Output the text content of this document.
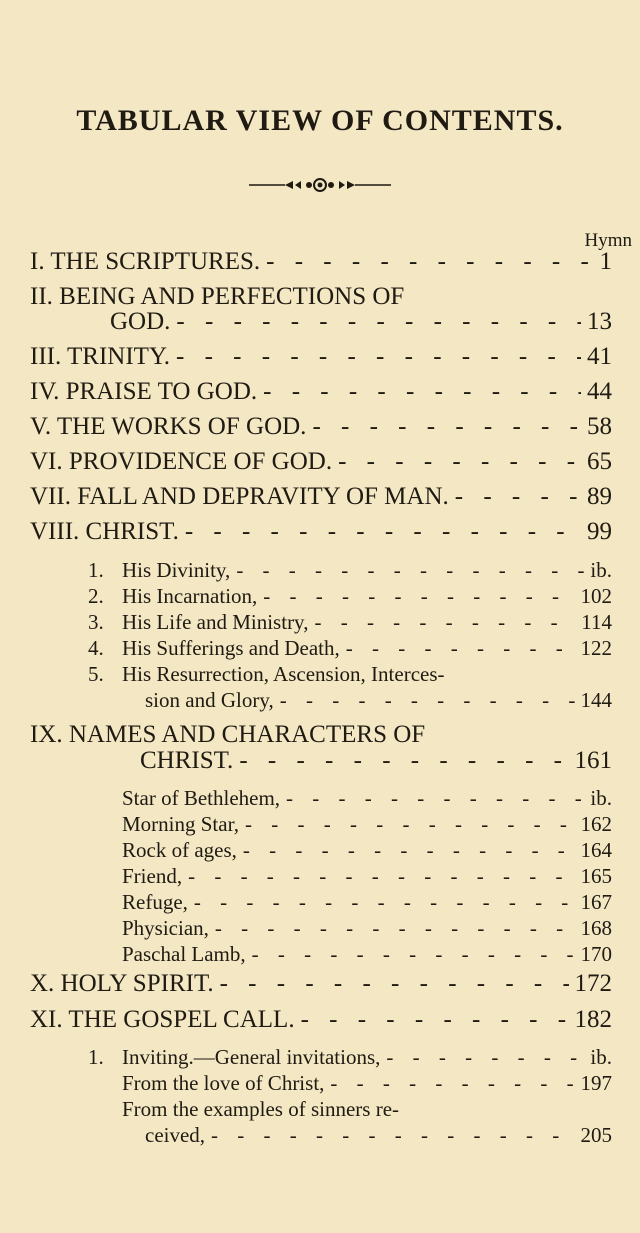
TABULAR VIEW OF CONTENTS.
Hymn
I. THE SCRIPTURES. - - -	1
II. BEING AND PERFECTIONS OF
GOD. - - -	13
III. TRINITY. - - -	41
IV. PRAISE TO GOD. - - -	44
V. THE WORKS OF GOD. - - -	58
VI. PROVIDENCE OF GOD. - - -	65
VII. FALL AND DEPRAVITY OF MAN. - - -	89
VIII. CHRIST. - - -	99
1. His Divinity, - - -	ib.
2. His Incarnation, - - -	102
3. His Life and Ministry, - - -	114
4. His Sufferings and Death, - - -	122
5. His Resurrection, Ascension, Interces-
sion and Glory, - - -	144
IX. NAMES AND CHARACTERS OF
CHRIST. - - -	161
Star of Bethlehem, - - -	ib.
Morning Star, - - -	162
Rock of ages, - - -	164
Friend, - - -	165
Refuge, - - -	167
Physician, - - -	168
Paschal Lamb, - - -	170
X. HOLY SPIRIT. - - -	172
XI. THE GOSPEL CALL. - - -	182
1. Inviting.—General invitations, - - -	ib.
From the love of Christ, - - -	197
From the examples of sinners re-
ceived, - - -	205
